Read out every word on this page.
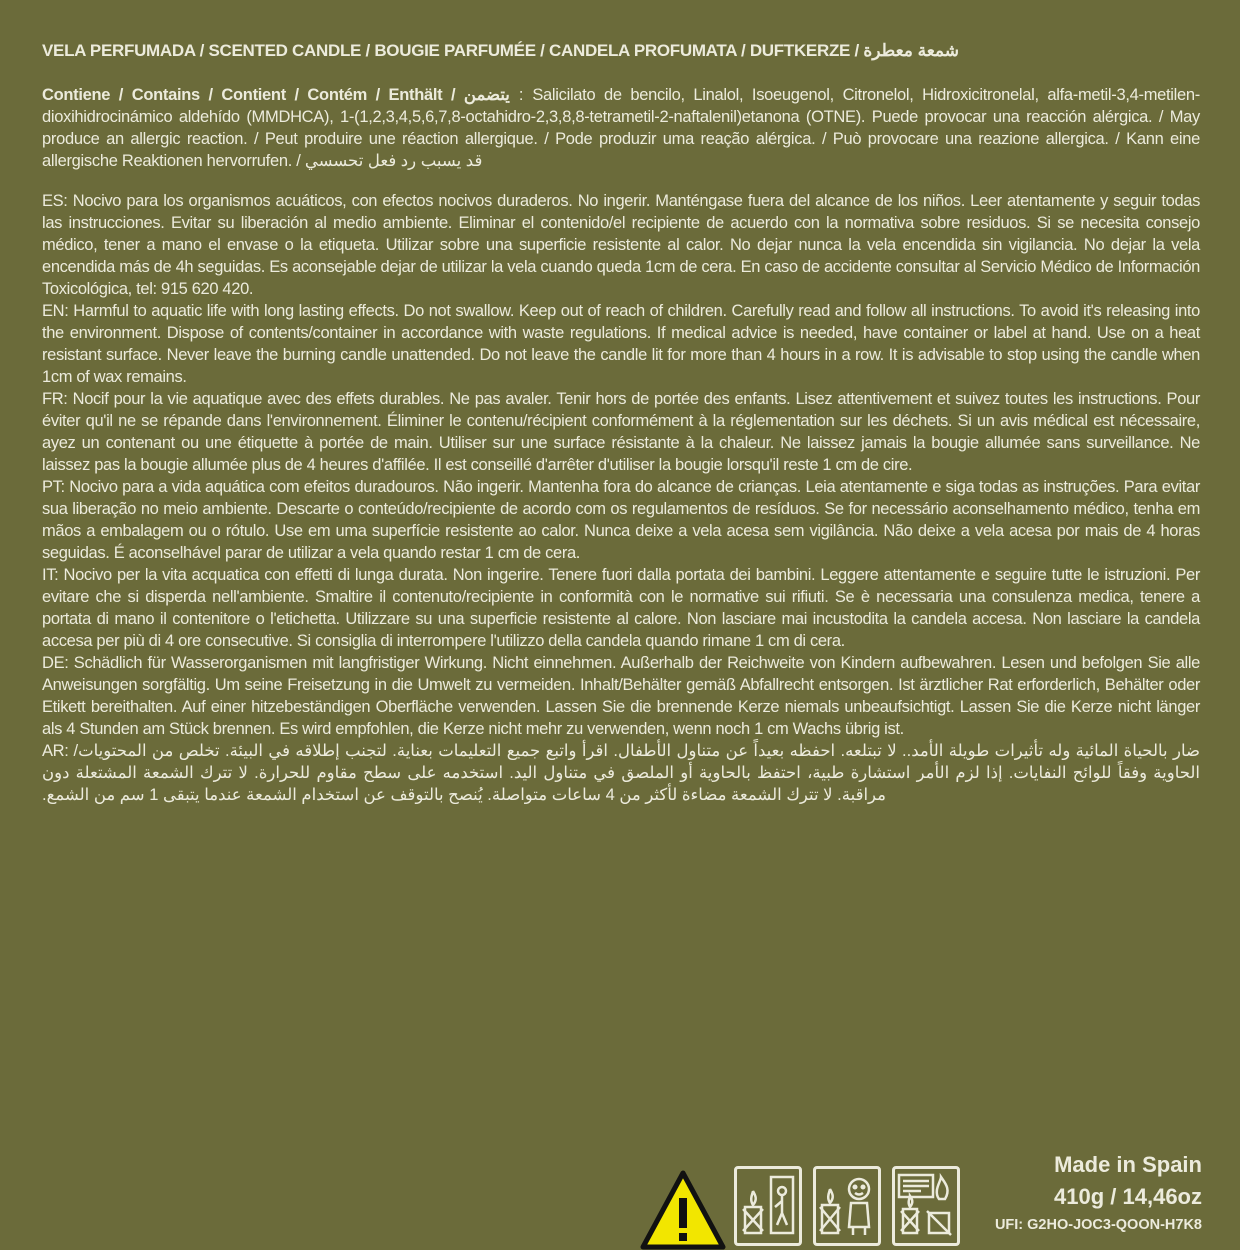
VELA PERFUMADA / SCENTED CANDLE / BOUGIE PARFUMÉE / CANDELA PROFUMATA / DUFTKERZE / شمعة معطرة
Contiene / Contains / Contient / Contém / Enthält / يتضمن : Salicilato de bencilo, Linalol, Isoeugenol, Citronelol, Hidroxicitronelal, alfa-metil-3,4-metilen-dioxihidrocinámico aldehído (MMDHCA), 1-(1,2,3,4,5,6,7,8-octahidro-2,3,8,8-tetrametil-2-naftalenil)etanona (OTNE). Puede provocar una reacción alérgica. / May produce an allergic reaction. / Peut produire une réaction allergique. / Pode produzir uma reação alérgica. / Può provocare una reazione allergica. / Kann eine allergische Reaktionen hervorrufen. / قد يسبب رد فعل تحسسي

ES: Nocivo para los organismos acuáticos, con efectos nocivos duraderos. No ingerir. Manténgase fuera del alcance de los niños. Leer atentamente y seguir todas las instrucciones. Evitar su liberación al medio ambiente. Eliminar el contenido/el recipiente de acuerdo con la normativa sobre residuos. Si se necesita consejo médico, tener a mano el envase o la etiqueta. Utilizar sobre una superficie resistente al calor. No dejar nunca la vela encendida sin vigilancia. No dejar la vela encendida más de 4h seguidas. Es aconsejable dejar de utilizar la vela cuando queda 1cm de cera. En caso de accidente consultar al Servicio Médico de Información Toxicológica, tel: 915 620 420.

EN: Harmful to aquatic life with long lasting effects. Do not swallow. Keep out of reach of children. Carefully read and follow all instructions. To avoid it's releasing into the environment. Dispose of contents/container in accordance with waste regulations. If medical advice is needed, have container or label at hand. Use on a heat resistant surface. Never leave the burning candle unattended. Do not leave the candle lit for more than 4 hours in a row. It is advisable to stop using the candle when 1cm of wax remains.

FR: Nocif pour la vie aquatique avec des effets durables. Ne pas avaler. Tenir hors de portée des enfants. Lisez attentivement et suivez toutes les instructions. Pour éviter qu'il ne se répande dans l'environnement. Éliminer le contenu/récipient conformément à la réglementation sur les déchets. Si un avis médical est nécessaire, ayez un contenant ou une étiquette à portée de main. Utiliser sur une surface résistante à la chaleur. Ne laissez jamais la bougie allumée sans surveillance. Ne laissez pas la bougie allumée plus de 4 heures d'affilée. Il est conseillé d'arrêter d'utiliser la bougie lorsqu'il reste 1 cm de cire.

PT: Nocivo para a vida aquática com efeitos duradouros. Não ingerir. Mantenha fora do alcance de crianças. Leia atentamente e siga todas as instruções. Para evitar sua liberação no meio ambiente. Descarte o conteúdo/recipiente de acordo com os regulamentos de resíduos. Se for necessário aconselhamento médico, tenha em mãos a embalagem ou o rótulo. Use em uma superfície resistente ao calor. Nunca deixe a vela acesa sem vigilância. Não deixe a vela acesa por mais de 4 horas seguidas. É aconselhável parar de utilizar a vela quando restar 1 cm de cera.

IT: Nocivo per la vita acquatica con effetti di lunga durata. Non ingerire. Tenere fuori dalla portata dei bambini. Leggere attentamente e seguire tutte le istruzioni. Per evitare che si disperda nell'ambiente. Smaltire il contenuto/recipiente in conformità con le normative sui rifiuti. Se è necessaria una consulenza medica, tenere a portata di mano il contenitore o l'etichetta. Utilizzare su una superficie resistente al calore. Non lasciare mai incustodita la candela accesa. Non lasciare la candela accesa per più di 4 ore consecutive. Si consiglia di interrompere l'utilizzo della candela quando rimane 1 cm di cera.

DE: Schädlich für Wasserorganismen mit langfristiger Wirkung. Nicht einnehmen. Außerhalb der Reichweite von Kindern aufbewahren. Lesen und befolgen Sie alle Anweisungen sorgfältig. Um seine Freisetzung in die Umwelt zu vermeiden. Inhalt/Behälter gemäß Abfallrecht entsorgen. Ist ärztlicher Rat erforderlich, Behälter oder Etikett bereithalten. Auf einer hitzebeständigen Oberfläche verwenden. Lassen Sie die brennende Kerze niemals unbeaufsichtigt. Lassen Sie die Kerze nicht länger als 4 Stunden am Stück brennen. Es wird empfohlen, die Kerze nicht mehr zu verwenden, wenn noch 1 cm Wachs übrig ist.

AR: ضار بالحياة المائية وله تأثيرات طويلة الأمد.. لا تبتلعه. احفظه بعيداً عن متناول الأطفال. اقرأ واتبع جميع التعليمات بعناية. لتجنب إطلاقه في البيئة. تخلص من المحتويات/الحاوية وفقاً للوائح النفايات. إذا لزم الأمر استشارة طبية، احتفظ بالحاوية أو الملصق في متناول اليد. استخدمه على سطح مقاوم للحرارة. لا تترك الشمعة المشتعلة دون مراقبة. لا تترك الشمعة مضاءة لأكثر من 4 ساعات متواصلة. يُنصح بالتوقف عن استخدام الشمعة عندما يتبقى 1 سم من الشمع.

Made in Spain
410g / 14,46oz
UFI: G2HO-JOC3-QOON-H7K8
